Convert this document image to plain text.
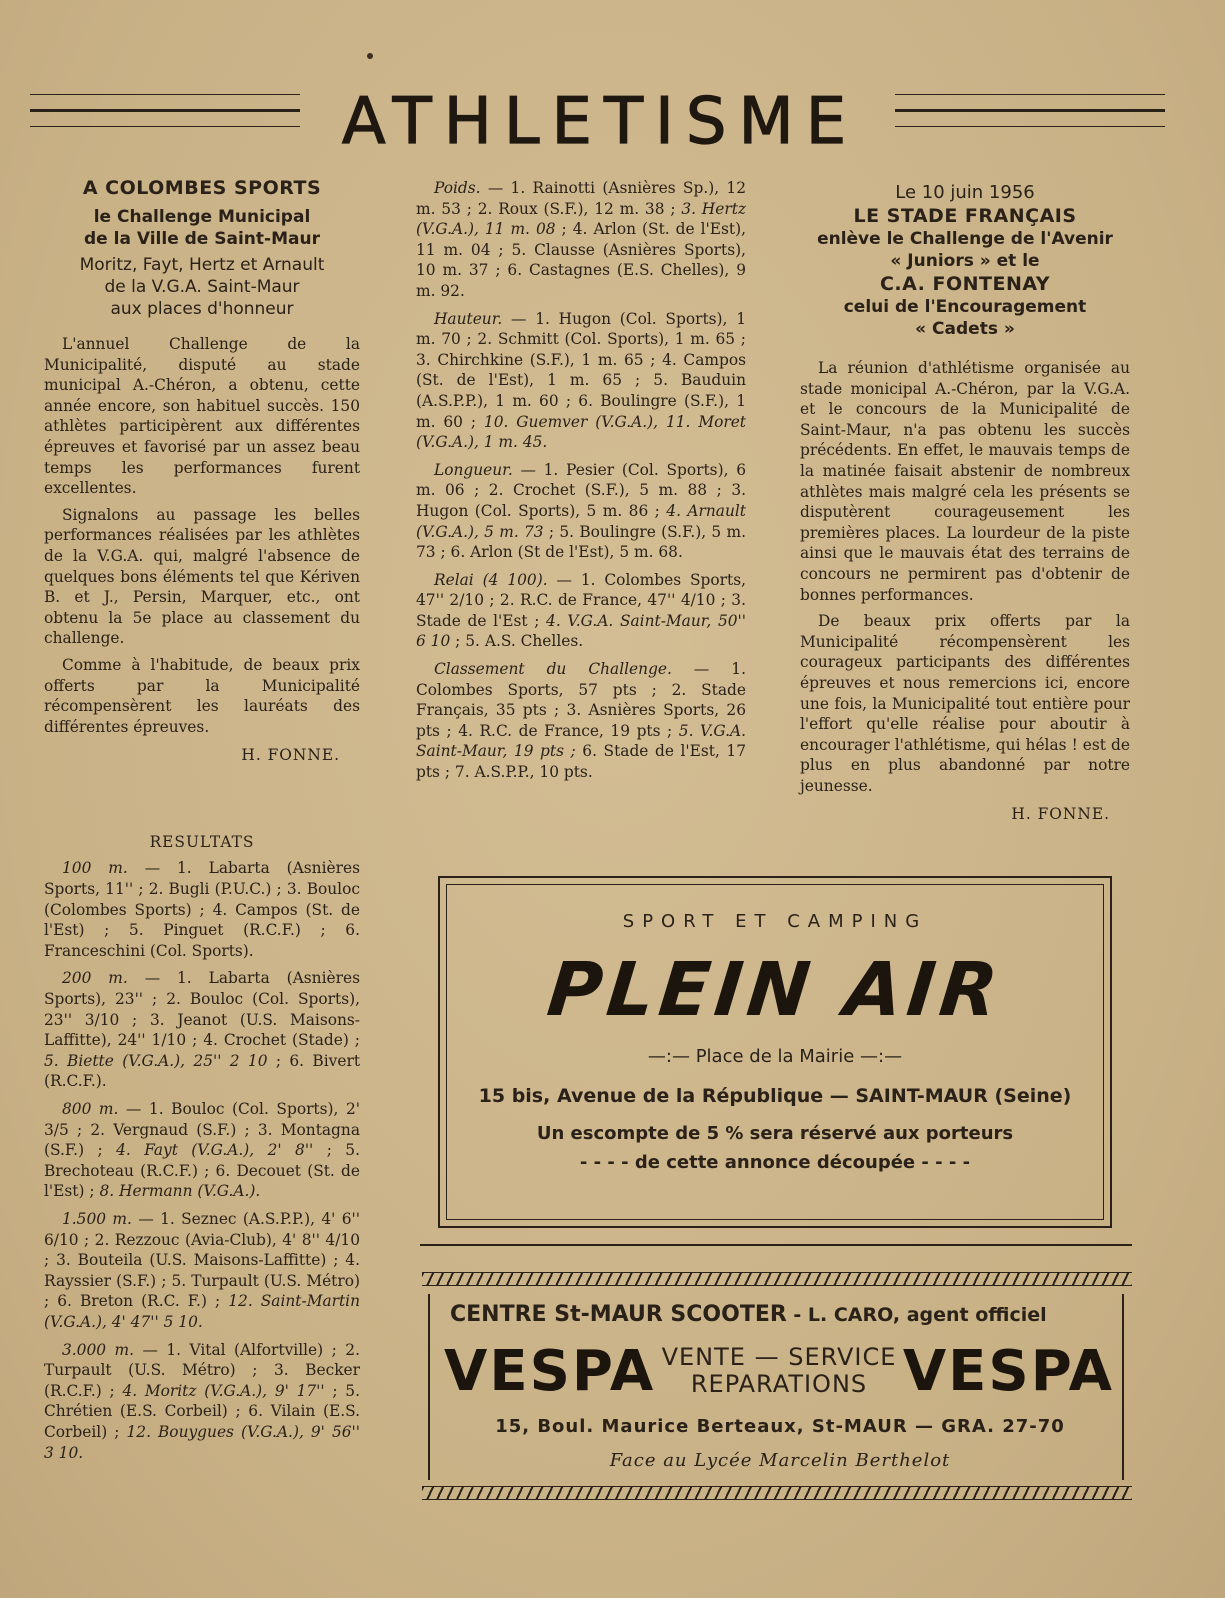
ATHLETISME
A COLOMBES SPORTS
le Challenge Municipal
de la Ville de Saint-Maur
Moritz, Fayt, Hertz et Arnault
de la V.G.A. Saint-Maur
aux places d'honneur

L'annuel Challenge de la Municipalité, disputé au stade municipal A.-Chéron, a obtenu, cette année encore, son habituel succès. 150 athlètes participèrent aux différentes épreuves et favorisé par un assez beau temps les performances furent excellentes.

Signalons au passage les belles performances réalisées par les athlètes de la V.G.A. qui, malgré l'absence de quelques bons éléments tel que Kériven B. et J., Persin, Marquer, etc., ont obtenu la 5e place au classement du challenge.

Comme à l'habitude, de beaux prix offerts par la Municipalité récompensèrent les lauréats des différentes épreuves.

H. FONNE.
RESULTATS

100 m. — 1. Labarta (Asnières Sports, 11'' ; 2. Bugli (P.U.C.) ; 3. Bouloc (Colombes Sports) ; 4. Campos (St. de l'Est) ; 5. Pinguet (R.C.F.) ; 6. Franceschini (Col. Sports).

200 m. — 1. Labarta (Asnières Sports), 23'' ; 2. Bouloc (Col. Sports), 23'' 3/10 ; 3. Jeanot (U.S. Maisons-Laffitte), 24'' 1/10 ; 4. Crochet (Stade) ; 5. Biette (V.G.A.), 25'' 2 10 ; 6. Bivert (R.C.F.).

800 m. — 1. Bouloc (Col. Sports), 2' 3/5 ; 2. Vergnaud (S.F.) ; 3. Montagna (S.F.) ; 4. Fayt (V.G.A.), 2' 8'' ; 5. Brechoteau (R.C.F.) ; 6. Decouet (St. de l'Est) ; 8. Hermann (V.G.A.).

1.500 m. — 1. Seznec (A.S.P.P.), 4' 6'' 6/10 ; 2. Rezzouc (Avia-Club), 4' 8'' 4/10 ; 3. Bouteila (U.S. Maisons-Laffitte) ; 4. Rayssier (S.F.) ; 5. Turpault (U.S. Métro) ; 6. Breton (R.C. F.) ; 12. Saint-Martin (V.G.A.), 4' 47'' 5 10.

3.000 m. — 1. Vital (Alfortville) ; 2. Turpault (U.S. Métro) ; 3. Becker (R.C.F.) ; 4. Moritz (V.G.A.), 9' 17'' ; 5. Chrétien (E.S. Corbeil) ; 6. Vilain (E.S. Corbeil) ; 12. Bouygues (V.G.A.), 9' 56'' 3 10.

Poids. — 1. Rainotti (Asnières Sp.), 12 m. 53 ; 2. Roux (S.F.), 12 m. 38 ; 3. Hertz (V.G.A.), 11 m. 08 ; 4. Arlon (St. de l'Est), 11 m. 04 ; 5. Clausse (Asnières Sports), 10 m. 37 ; 6. Castagnes (E.S. Chelles), 9 m. 92.

Hauteur. — 1. Hugon (Col. Sports), 1 m. 70 ; 2. Schmitt (Col. Sports), 1 m. 65 ; 3. Chirchkine (S.F.), 1 m. 65 ; 4. Campos (St. de l'Est), 1 m. 65 ; 5. Bauduin (A.S.P.P.), 1 m. 60 ; 6. Boulingre (S.F.), 1 m. 60 ; 10. Guemver (V.G.A.), 11. Moret (V.G.A.), 1 m. 45.

Longueur. — 1. Pesier (Col. Sports), 6 m. 06 ; 2. Crochet (S.F.), 5 m. 88 ; 3. Hugon (Col. Sports), 5 m. 86 ; 4. Arnault (V.G.A.), 5 m. 73 ; 5. Boulingre (S.F.), 5 m. 73 ; 6. Arlon (St de l'Est), 5 m. 68.

Relai (4 100). — 1. Colombes Sports, 47'' 2/10 ; 2. R.C. de France, 47'' 4/10 ; 3. Stade de l'Est ; 4. V.G.A. Saint-Maur, 50'' 6 10 ; 5. A.S. Chelles.

Classement du Challenge. — 1. Colombes Sports, 57 pts ; 2. Stade Français, 35 pts ; 3. Asnières Sports, 26 pts ; 4. R.C. de France, 19 pts ; 5. V.G.A. Saint-Maur, 19 pts ; 6. Stade de l'Est, 17 pts ; 7. A.S.P.P., 10 pts.

Le 10 juin 1956
LE STADE FRANÇAIS
enlève le Challenge de l'Avenir
« Juniors » et le
C.A. FONTENAY
celui de l'Encouragement
« Cadets »

La réunion d'athlétisme organisée au stade monicipal A.-Chéron, par la V.G.A. et le concours de la Municipalité de Saint-Maur, n'a pas obtenu les succès précédents. En effet, le mauvais temps de la matinée faisait abstenir de nombreux athlètes mais malgré cela les présents se disputèrent courageusement les premières places. La lourdeur de la piste ainsi que le mauvais état des terrains de concours ne permirent pas d'obtenir de bonnes performances.

De beaux prix offerts par la Municipalité récompensèrent les courageux participants des différentes épreuves et nous remercions ici, encore une fois, la Municipalité tout entière pour l'effort qu'elle réalise pour aboutir à encourager l'athlétisme, qui hélas ! est de plus en plus abandonné par notre jeunesse.

H. FONNE.
SPORT ET CAMPING
PLEIN AIR
—:— Place de la Mairie —:—
15 bis, Avenue de la République — SAINT-MAUR (Seine)
Un escompte de 5 % sera réservé aux porteurs
- - - - de cette annonce découpée - - - -
CENTRE St-MAUR SCOOTER - L. CARO, agent officiel
VESPA VENTE — SERVICE
REPARATIONS VESPA
15, Boul. Maurice Berteaux, St-MAUR — GRA. 27-70
Face au Lycée Marcelin Berthelot
